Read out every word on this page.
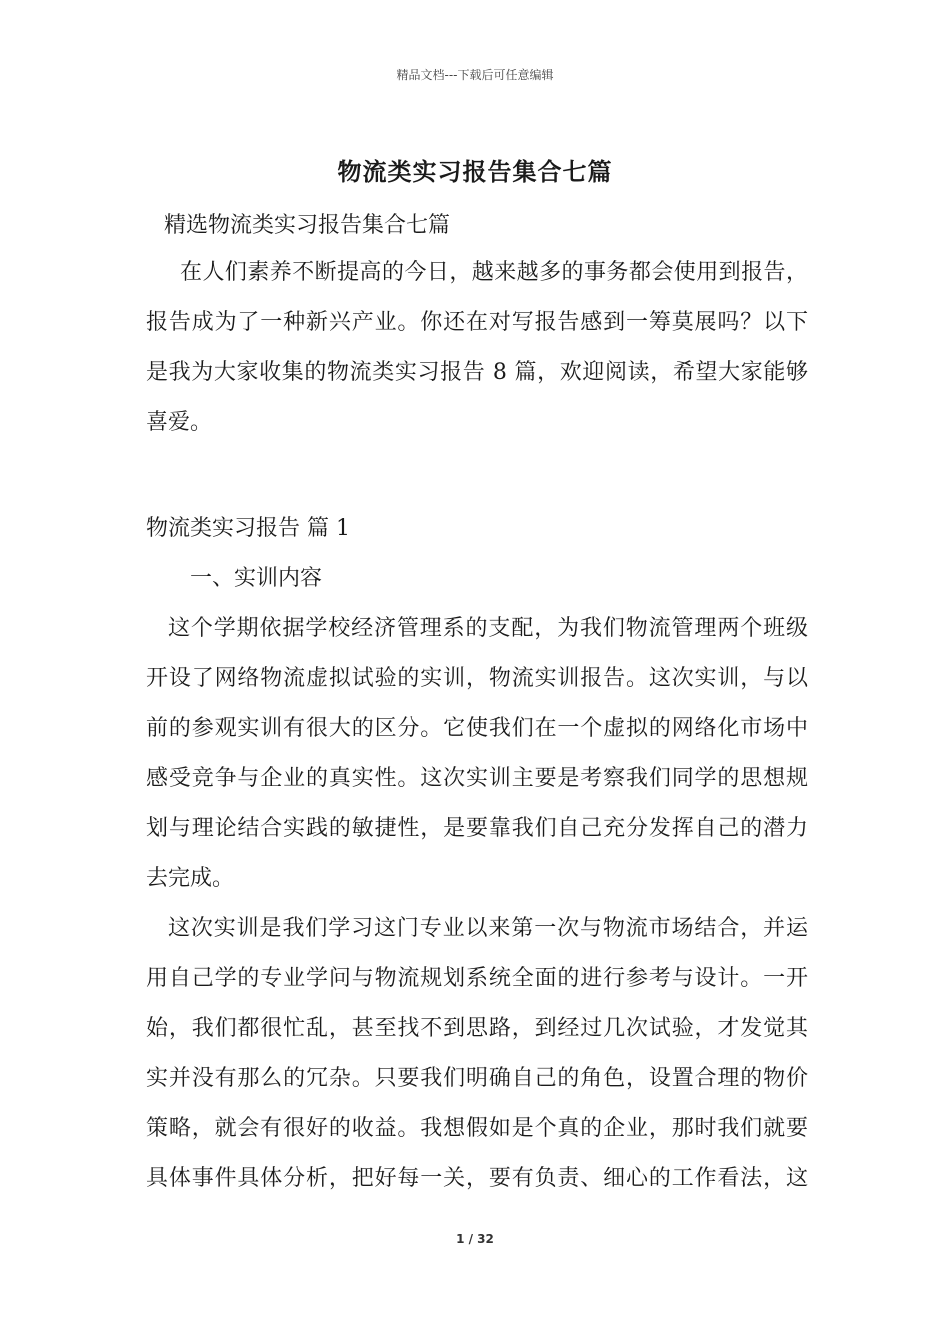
精品文档---下载后可任意编辑
物流类实习报告集合七篇
精选物流类实习报告集合七篇
在人们素养不断提高的今日，越来越多的事务都会使用到报告，
报告成为了一种新兴产业。你还在对写报告感到一筹莫展吗？以下
是我为大家收集的物流类实习报告 8 篇，欢迎阅读，希望大家能够
喜爱。
物流类实习报告 篇 1
一、实训内容
这个学期依据学校经济管理系的支配，为我们物流管理两个班级
开设了网络物流虚拟试验的实训，物流实训报告。这次实训，与以
前的参观实训有很大的区分。它使我们在一个虚拟的网络化市场中
感受竞争与企业的真实性。这次实训主要是考察我们同学的思想规
划与理论结合实践的敏捷性，是要靠我们自己充分发挥自己的潜力
去完成。
这次实训是我们学习这门专业以来第一次与物流市场结合，并运
用自己学的专业学问与物流规划系统全面的进行参考与设计。一开
始，我们都很忙乱，甚至找不到思路，到经过几次试验，才发觉其
实并没有那么的冗杂。只要我们明确自己的角色，设置合理的物价
策略，就会有很好的收益。我想假如是个真的企业，那时我们就要
具体事件具体分析，把好每一关，要有负责、细心的工作看法，这
1 / 32
